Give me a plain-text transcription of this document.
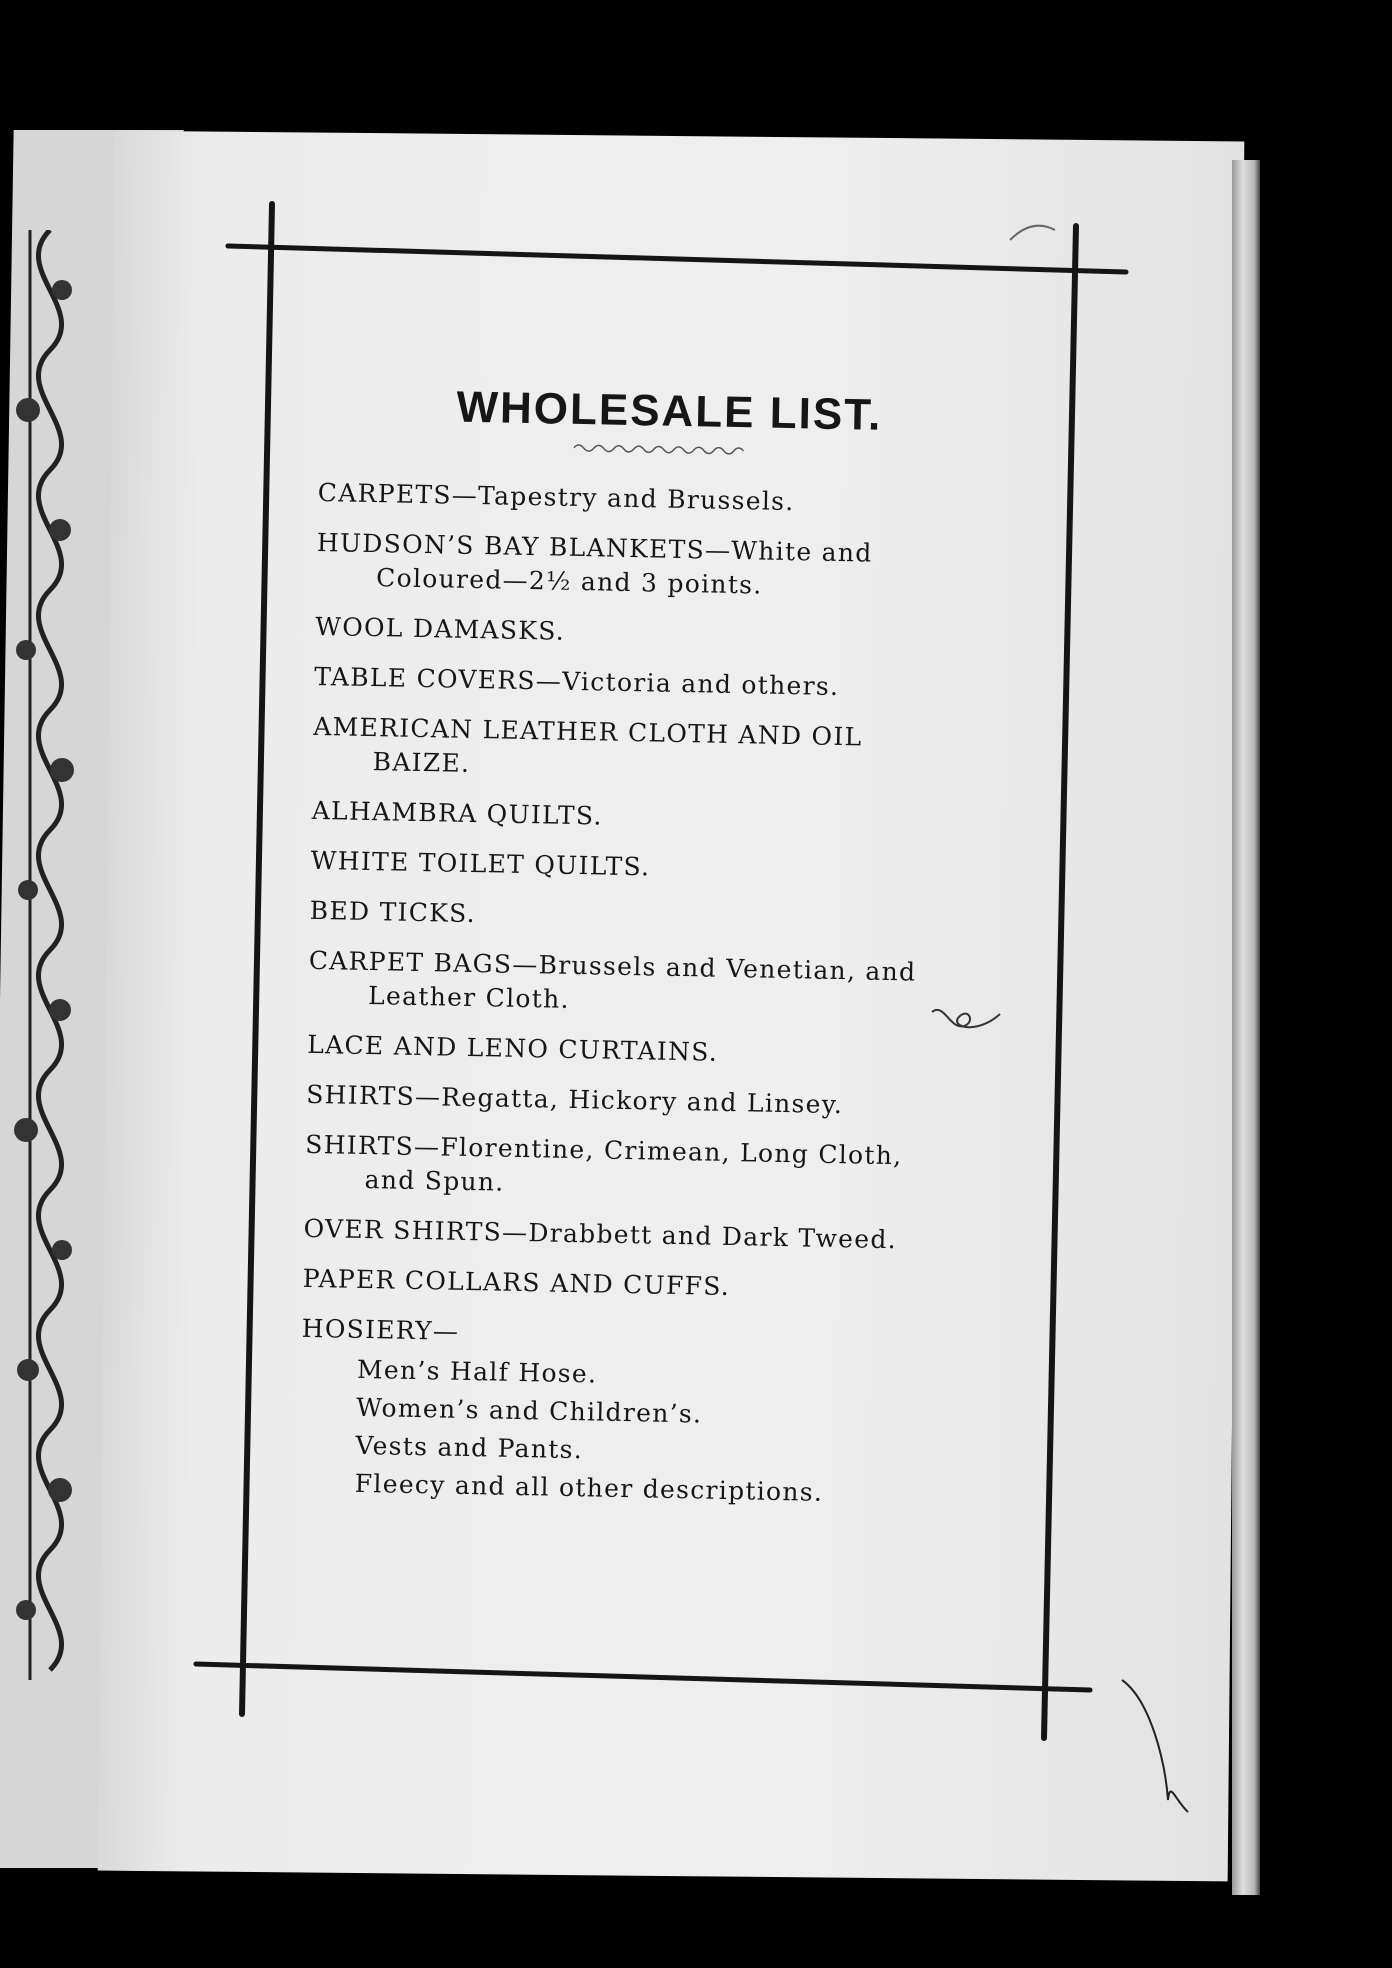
WHOLESALE LIST.

CARPETS—Tapestry and Brussels.

HUDSON’S BAY BLANKETS—White and
Coloured—2½ and 3 points.

WOOL DAMASKS.

TABLE COVERS—Victoria and others.

AMERICAN LEATHER CLOTH AND OIL
BAIZE.

ALHAMBRA QUILTS.

WHITE TOILET QUILTS.

BED TICKS.

CARPET BAGS—Brussels and Venetian, and
Leather Cloth.

LACE AND LENO CURTAINS.

SHIRTS—Regatta, Hickory and Linsey.

SHIRTS—Florentine, Crimean, Long Cloth,
and Spun.

OVER SHIRTS—Drabbett and Dark Tweed.

PAPER COLLARS AND CUFFS.

HOSIERY—

Men’s Half Hose.

Women’s and Children’s.

Vests and Pants.

Fleecy and all other descriptions.
